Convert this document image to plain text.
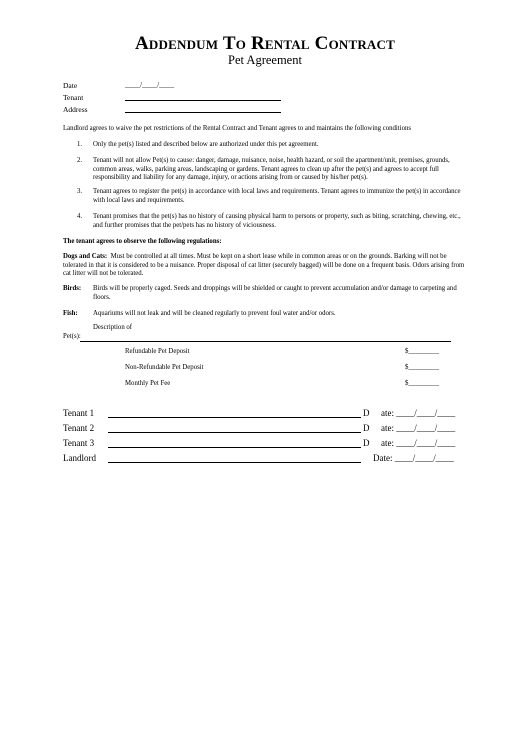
Addendum To Rental Contract
Pet Agreement
Date	____/____/____
Tenant
Address
Landlord agrees to waive the pet restrictions of the Rental Contract and Tenant agrees to and maintains the following conditions
1. Only the pet(s) listed and described below are authorized under this pet agreement.
2. Tenant will not allow Pet(s) to cause: danger, damage, nuisance, noise, health hazard, or soil the apartment/unit, premises, grounds, common areas, walks, parking areas, landscaping or gardens. Tenant agrees to clean up after the pet(s) and agrees to accept full responsibility and liability for any damage, injury, or actions arising from or caused by his/her pet(s).
3. Tenant agrees to register the pet(s) in accordance with local laws and requirements. Tenant agrees to immunize the pet(s) in accordance with local laws and requirements.
4. Tenant promises that the pet(s) has no history of causing physical harm to persons or property, such as biting, scratching, chewing, etc., and further promises that the pet/pets has no history of viciousness.
The tenant agrees to observe the following regulations:
Dogs and Cats: Must be controlled at all times. Must be kept on a short lease while in common areas or on the grounds. Barking will not be tolerated in that it is considered to be a nuisance. Proper disposal of cat litter (securely bagged) will be done on a frequent basis. Odors arising from cat litter will not be tolerated.
Birds:	Birds will be properly caged. Seeds and droppings will be shielded or caught to prevent accumulation and/or damage to carpeting and floors.
Fish:	Aquariums will not leak and will be cleaned regularly to prevent foul water and/or odors.
Description of
Pet(s):
Refundable Pet Deposit	$_________
Non-Refundable Pet Deposit	$_________
Monthly Pet Fee	$_________
Tenant 1	D ate: ____/____/____
Tenant 2	D ate: ____/____/____
Tenant 3	D ate: ____/____/____
Landlord	Date: ____/____/____
